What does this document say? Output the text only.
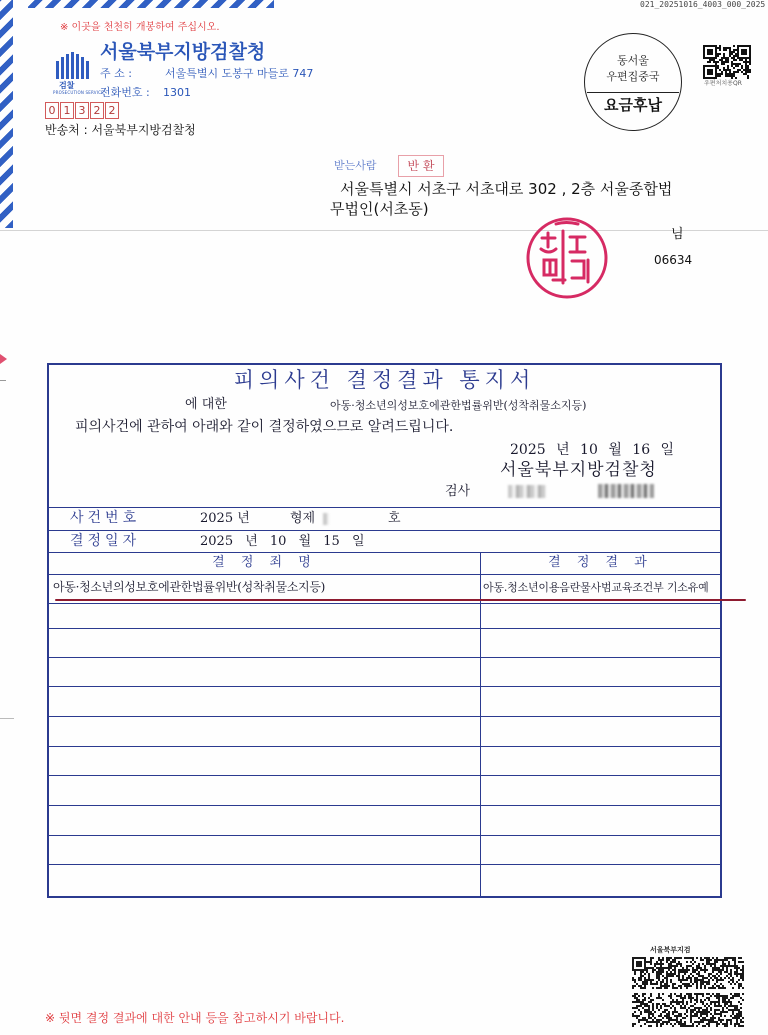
021_20251016_4003_000_2025
※ 이곳을 천천히 개봉하여 주십시오.
검찰
PROSECUTION SERVICE
서울북부지방검찰청
주 소 :	서울특별시 도봉구 마들로 747
전화번호 : 1301
0 1 3 2 2
반송처 : 서울북부지방검찰청
동서울
우편집중국
요금후납
우편처치용QR
받는사람	반 환
서울특별시 서초구 서초대로 302 , 2층 서울종합법
무법인(서초동)
님
06634
피의사건 결정결과 통지서
에 대한	아동·청소년의성보호에관한법률위반(성착취물소지등)
피의사건에 관하여 아래와 같이 결정하였으므로 알려드립니다.
2025 년 10 월 16 일
서울북부지방검찰청
검사
사건번호	2025 년	형제	호
결정일자	2025 년 10 월 15 일
결 정 죄 명	결 정 결 과
아동·청소년의성보호에관한법률위반(성착취물소지등)	아동.청소년이용음란물사범교육조건부 기소유예
※ 뒷면 결정 결과에 대한 안내 등을 참고하시기 바랍니다.
서울북부지검
